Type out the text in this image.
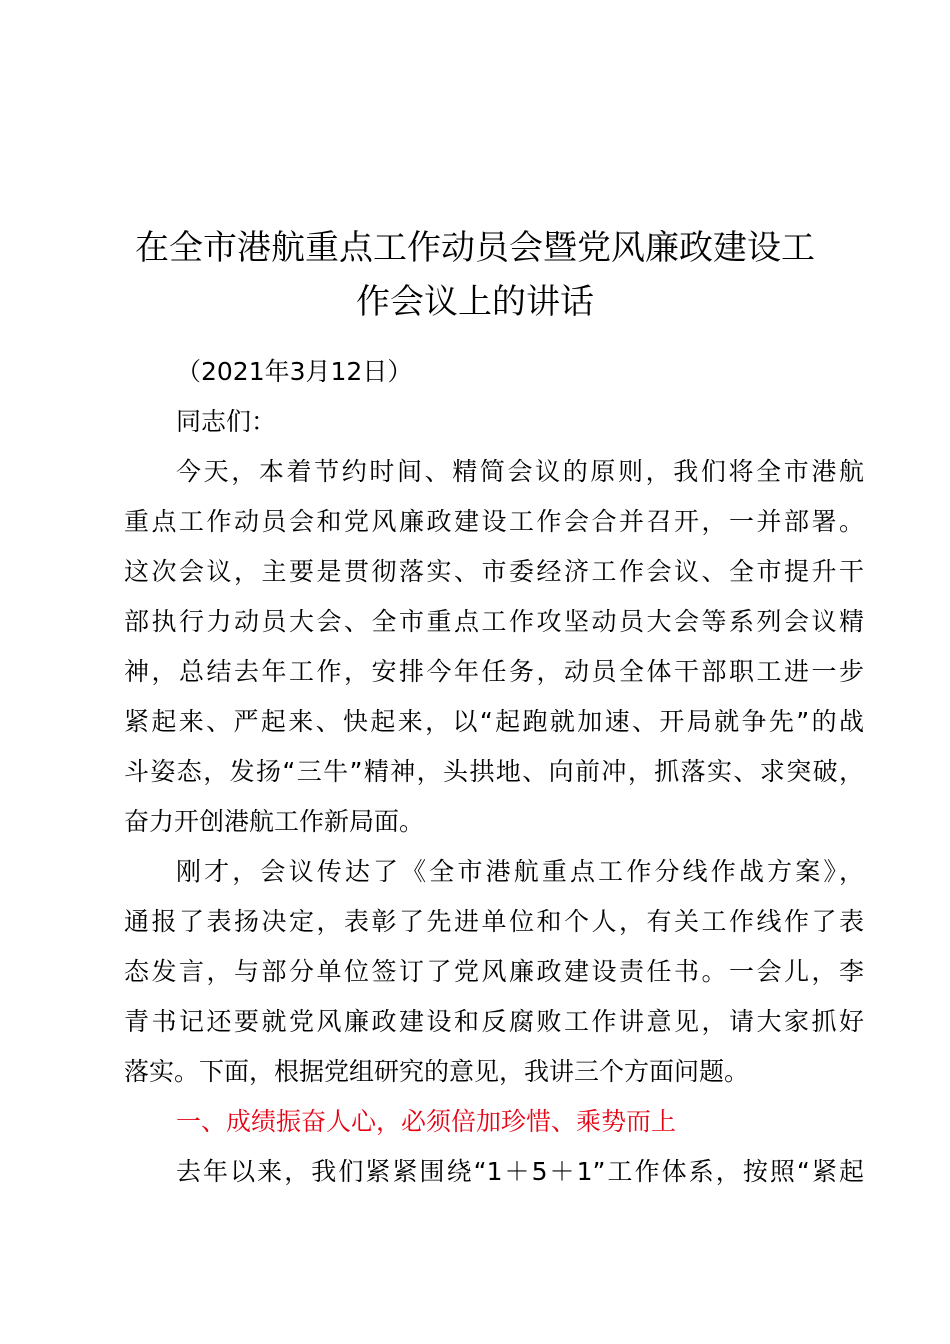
在全市港航重点工作动员会暨党风廉政建设工
作会议上的讲话
（2021年3月12日）
同志们：
今天，本着节约时间、精简会议的原则，我们将全市港航
重点工作动员会和党风廉政建设工作会合并召开，一并部署。
这次会议，主要是贯彻落实、市委经济工作会议、全市提升干
部执行力动员大会、全市重点工作攻坚动员大会等系列会议精
神，总结去年工作，安排今年任务，动员全体干部职工进一步
紧起来、严起来、快起来，以“起跑就加速、开局就争先”的战
斗姿态，发扬“三牛”精神，头拱地、向前冲，抓落实、求突破，
奋力开创港航工作新局面。
刚才，会议传达了《全市港航重点工作分线作战方案》，
通报了表扬决定，表彰了先进单位和个人，有关工作线作了表
态发言，与部分单位签订了党风廉政建设责任书。一会儿，李
青书记还要就党风廉政建设和反腐败工作讲意见，请大家抓好
落实。下面，根据党组研究的意见，我讲三个方面问题。
一、成绩振奋人心，必须倍加珍惜、乘势而上
去年以来，我们紧紧围绕“1＋5＋1”工作体系，按照“紧起
